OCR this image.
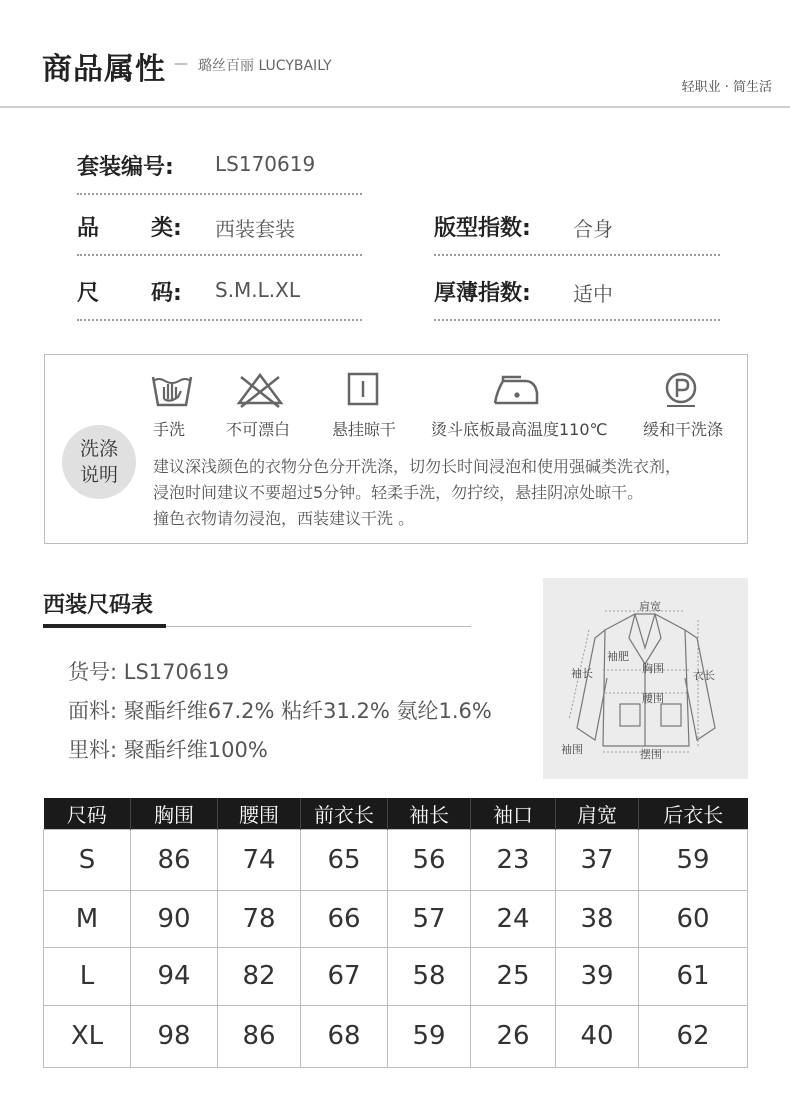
商品属性 — 璐丝百丽 LUCYBAILY
轻职业 · 简生活
套装编号: LS170619
品 类: 西装套装
尺 码: S.M.L.XL
版型指数: 合身
厚薄指数: 适中
洗涤
说明
手洗	不可漂白	悬挂晾干 烫斗底板最高温度110℃ 缓和干洗涤
建议深浅颜色的衣物分色分开洗涤，切勿长时间浸泡和使用强碱类洗衣剂，
浸泡时间建议不要超过5分钟。轻柔手洗，勿拧绞，悬挂阴凉处晾干。
撞色衣物请勿浸泡，西装建议干洗 。
西装尺码表
货号: LS170619
面料: 聚酯纤维67.2% 粘纤31.2% 氨纶1.6%
里料: 聚酯纤维100%
肩宽
袖肥
袖长	胸围
衣长
腰围
袖围	摆围
尺码	胸围	腰围	前衣长	袖长	袖口	肩宽	后衣长
S	86	74	65	56	23	37	59
M	90	78	66	57	24	38	60
L	94	82	67	58	25	39	61
XL	98	86	68	59	26	40	62
